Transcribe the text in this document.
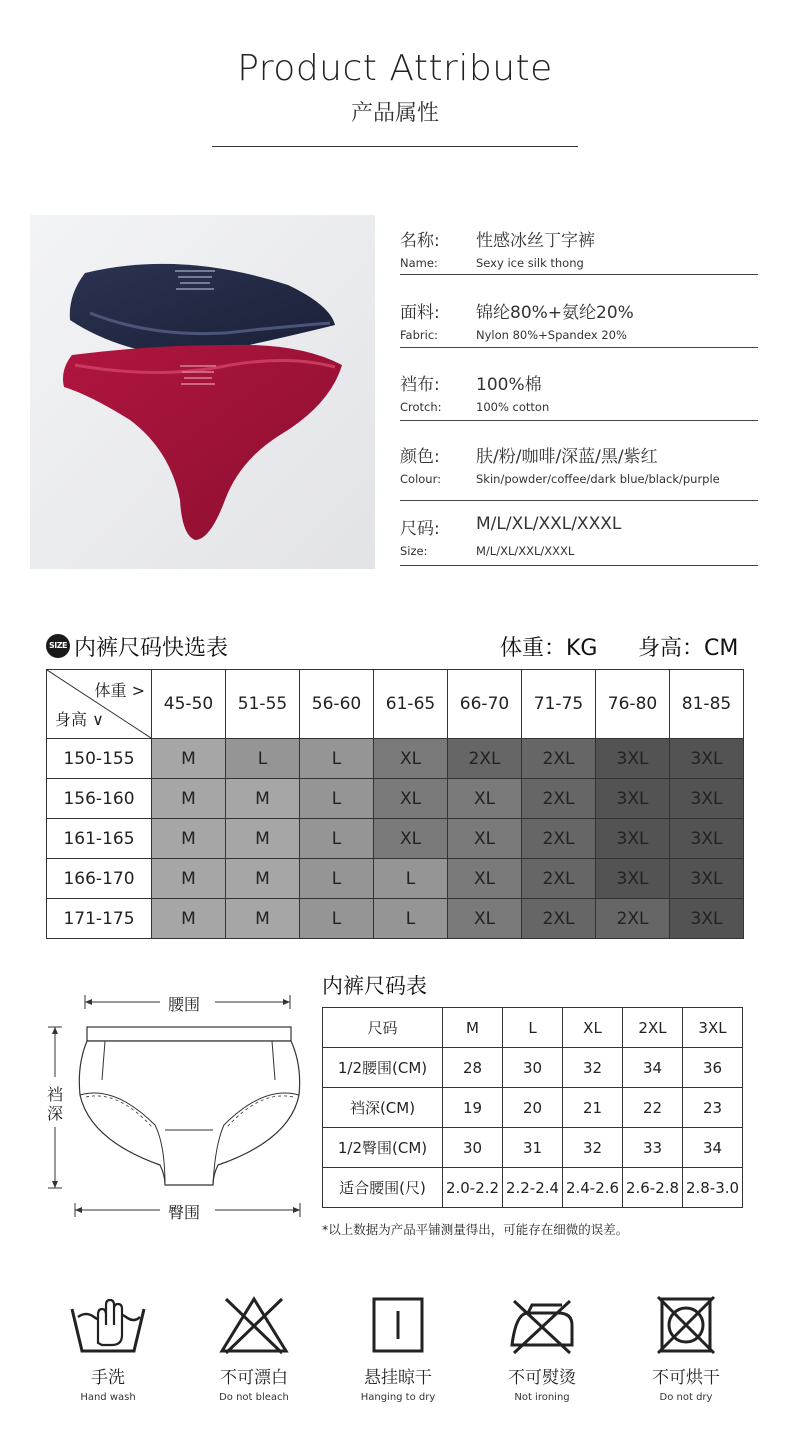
Product Attribute
产品属性
名称: 性感冰丝丁字裤
Name:	Sexy ice silk thong
面料: 锦纶80%+氨纶20%
Fabric:	Nylon 80%+Spandex 20%
裆布: 100%棉
Crotch:	100% cotton
颜色: 肤/粉/咖啡/深蓝/黑/紫红
Colour:	Skin/powder/coffee/dark blue/black/purple
尺码: M/L/XL/XXL/XXXL
Size:	M/L/XL/XXL/XXXL
SIZE 内裤尺码快选表	体重：KG 身高：CM
体重 >
身高 ∨	45-50	51-55	56-60	61-65	66-70	71-75	76-80	81-85
150-155	M	L	L	XL	2XL	2XL	3XL	3XL
156-160	M	M	L	XL	XL	2XL	3XL	3XL
161-165	M	M	L	XL	XL	2XL	3XL	3XL
166-170	M	M	L	L	XL	2XL	3XL	3XL
171-175	M	M	L	L	XL	2XL	2XL	3XL
腰围
裆深
臀围
内裤尺码表
尺码	M	L	XL	2XL	3XL
1/2腰围(CM)	28	30	32	34	36
裆深(CM)	19	20	21	22	23
1/2臀围(CM)	30	31	32	33	34
适合腰围(尺)	2.0-2.2	2.2-2.4	2.4-2.6	2.6-2.8	2.8-3.0
*以上数据为产品平铺测量得出，可能存在细微的误差。
手洗
Hand wash
不可漂白
Do not bleach
悬挂晾干
Hanging to dry
不可熨烫
Not ironing
不可烘干
Do not dry
